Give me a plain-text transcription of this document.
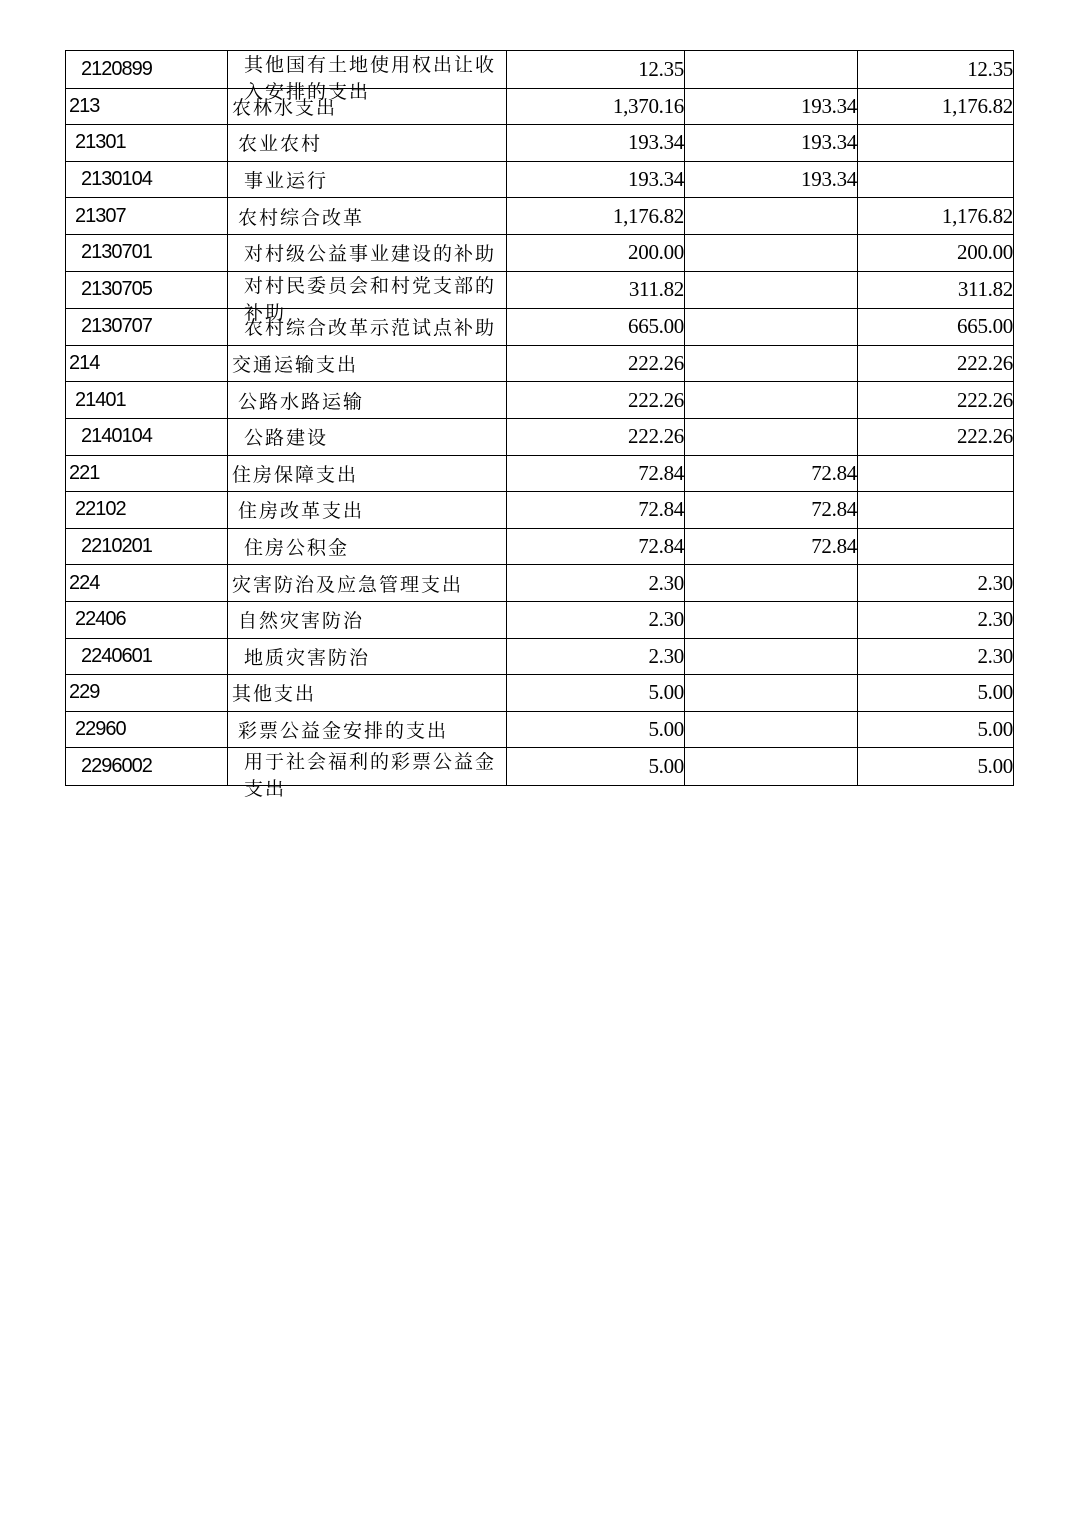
2120899	其他国有土地使用权出让收入安排的支出	12.35		12.35
213	农林水支出	1,370.16	193.34	1,176.82
21301	农业农村	193.34	193.34	
2130104	事业运行	193.34	193.34	
21307	农村综合改革	1,176.82		1,176.82
2130701	对村级公益事业建设的补助	200.00		200.00
2130705	对村民委员会和村党支部的补助	311.82		311.82
2130707	农村综合改革示范试点补助	665.00		665.00
214	交通运输支出	222.26		222.26
21401	公路水路运输	222.26		222.26
2140104	公路建设	222.26		222.26
221	住房保障支出	72.84	72.84	
22102	住房改革支出	72.84	72.84	
2210201	住房公积金	72.84	72.84	
224	灾害防治及应急管理支出	2.30		2.30
22406	自然灾害防治	2.30		2.30
2240601	地质灾害防治	2.30		2.30
229	其他支出	5.00		5.00
22960	彩票公益金安排的支出	5.00		5.00
2296002	用于社会福利的彩票公益金支出	5.00		5.00
